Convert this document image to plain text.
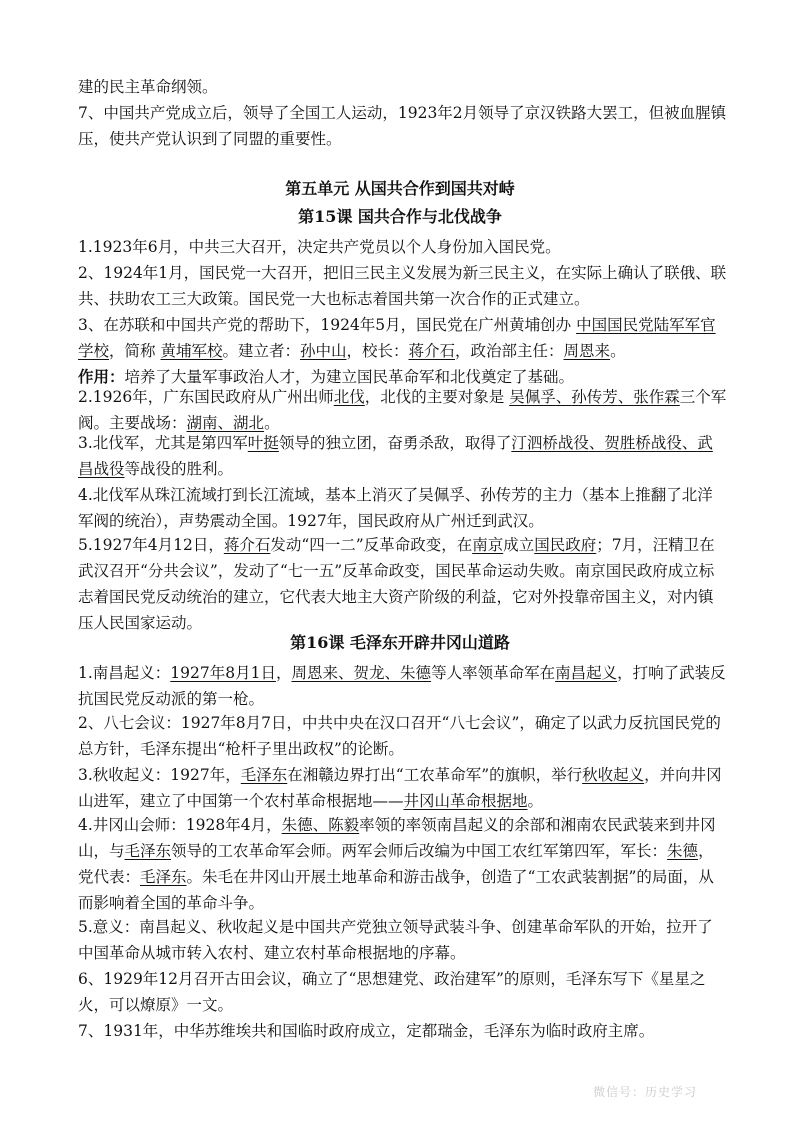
建的民主革命纲领。
7、中国共产党成立后，领导了全国工人运动，1923年2月领导了京汉铁路大罢工，但被血腥镇压，使共产党认识到了同盟的重要性。
第五单元 从国共合作到国共对峙
第15课 国共合作与北伐战争
1.1923年6月，中共三大召开，决定共产党员以个人身份加入国民党。
2、1924年1月，国民党一大召开，把旧三民主义发展为新三民主义，在实际上确认了联俄、联共、扶助农工三大政策。国民党一大也标志着国共第一次合作的正式建立。
3、在苏联和中国共产党的帮助下，1924年5月，国民党在广州黄埔创办 中国国民党陆军军官学校，简称 黄埔军校。建立者：孙中山，校长：蒋介石，政治部主任：周恩来。
作用：培养了大量军事政治人才，为建立国民革命军和北伐奠定了基础。
2.1926年，广东国民政府从广州出师北伐，北伐的主要对象是 吴佩孚、孙传芳、张作霖三个军阀。主要战场：湖南、湖北。
3.北伐军，尤其是第四军叶挺领导的独立团，奋勇杀敌，取得了汀泗桥战役、贺胜桥战役、武昌战役等战役的胜利。
4.北伐军从珠江流域打到长江流域，基本上消灭了吴佩孚、孙传芳的主力（基本上推翻了北洋军阀的统治），声势震动全国。1927年，国民政府从广州迁到武汉。
5.1927年4月12日，蒋介石发动“四一二”反革命政变，在南京成立国民政府；7月，汪精卫在武汉召开“分共会议”，发动了“七一五”反革命政变，国民革命运动失败。南京国民政府成立标志着国民党反动统治的建立，它代表大地主大资产阶级的利益，它对外投靠帝国主义，对内镇压人民国家运动。
第16课 毛泽东开辟井冈山道路
1.南昌起义：1927年8月1日，周恩来、贺龙、朱德等人率领革命军在南昌起义，打响了武装反抗国民党反动派的第一枪。
2、八七会议：1927年8月7日，中共中央在汉口召开“八七会议”，确定了以武力反抗国民党的总方针，毛泽东提出“枪杆子里出政权”的论断。
3.秋收起义：1927年，毛泽东在湘赣边界打出“工农革命军”的旗帜，举行秋收起义，并向井冈山进军，建立了中国第一个农村革命根据地——井冈山革命根据地。
4.井冈山会师：1928年4月，朱德、陈毅率领的率领南昌起义的余部和湘南农民武装来到井冈山，与毛泽东领导的工农革命军会师。两军会师后改编为中国工农红军第四军，军长：朱德，党代表：毛泽东。朱毛在井冈山开展土地革命和游击战争，创造了“工农武装割据”的局面，从而影响着全国的革命斗争。
5.意义：南昌起义、秋收起义是中国共产党独立领导武装斗争、创建革命军队的开始，拉开了中国革命从城市转入农村、建立农村革命根据地的序幕。
6、1929年12月召开古田会议，确立了“思想建党、政治建军”的原则，毛泽东写下《星星之火，可以燎原》一文。
7、1931年，中华苏维埃共和国临时政府成立，定都瑞金，毛泽东为临时政府主席。
微信号：历史学习
